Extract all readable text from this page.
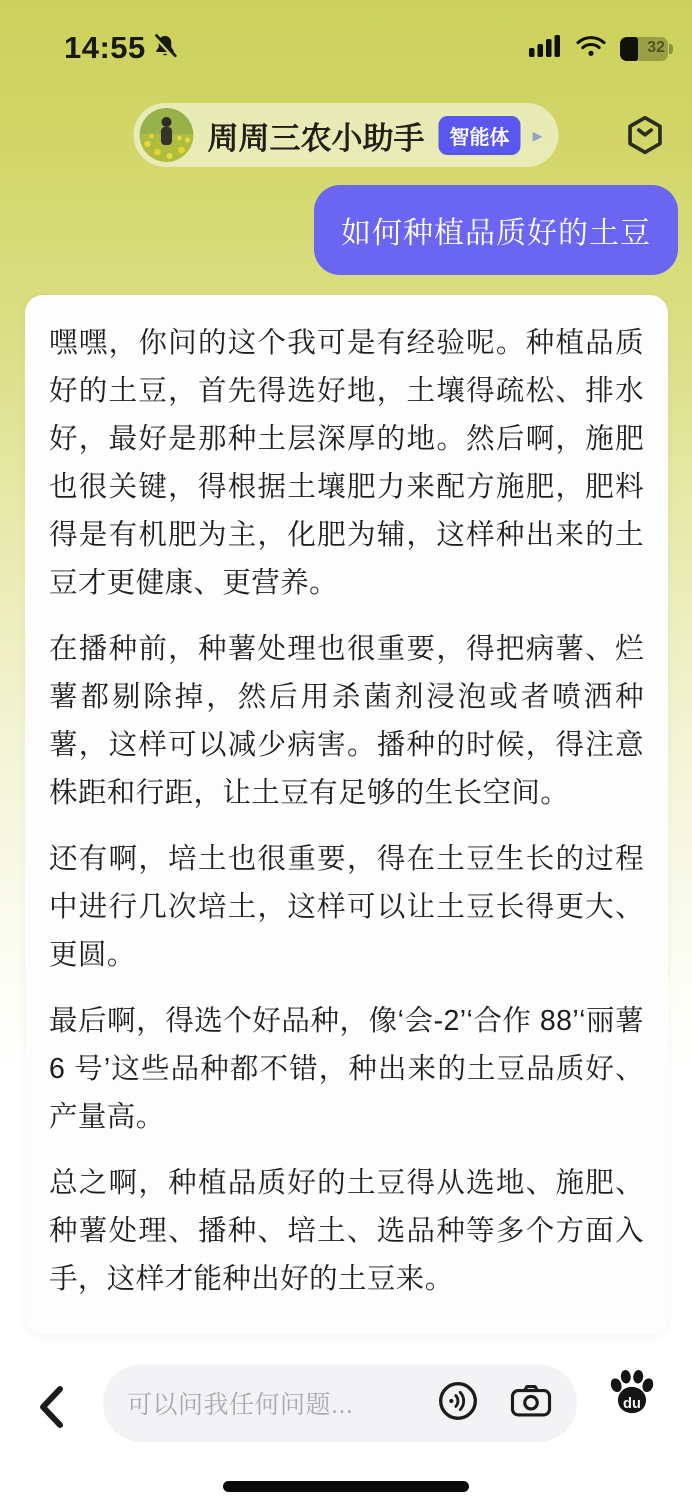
14:55	32
周周三农小助手	智能体	▸
如何种植品质好的土豆

嘿嘿，你问的这个我可是有经验呢。种植品质好的土豆，首先得选好地，土壤得疏松、排水好，最好是那种土层深厚的地。然后啊，施肥也很关键，得根据土壤肥力来配方施肥，肥料得是有机肥为主，化肥为辅，这样种出来的土豆才更健康、更营养。

在播种前，种薯处理也很重要，得把病薯、烂薯都剔除掉，然后用杀菌剂浸泡或者喷洒种薯，这样可以减少病害。播种的时候，得注意株距和行距，让土豆有足够的生长空间。

还有啊，培土也很重要，得在土豆生长的过程中进行几次培土，这样可以让土豆长得更大、更圆。

最后啊，得选个好品种，像‘会-2’‘合作 88’‘丽薯 6 号’这些品种都不错，种出来的土豆品质好、产量高。

总之啊，种植品质好的土豆得从选地、施肥、种薯处理、播种、培土、选品种等多个方面入手，这样才能种出好的土豆来。

可以问我任何问题...	du
